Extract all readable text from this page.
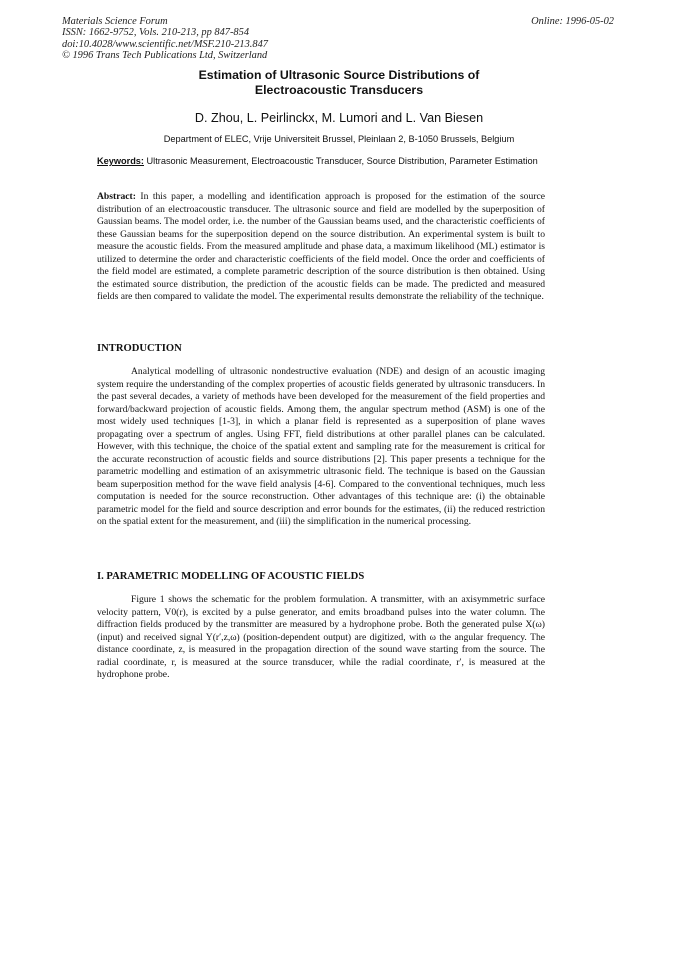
Materials Science Forum
ISSN: 1662-9752, Vols. 210-213, pp 847-854
doi:10.4028/www.scientific.net/MSF.210-213.847
© 1996 Trans Tech Publications Ltd, Switzerland
Online: 1996-05-02
Estimation of Ultrasonic Source Distributions of
Electroacoustic Transducers
D. Zhou, L. Peirlinckx, M. Lumori and L. Van Biesen
Department of ELEC, Vrije Universiteit Brussel, Pleinlaan 2, B-1050 Brussels, Belgium
Keywords: Ultrasonic Measurement, Electroacoustic Transducer, Source Distribution, Parameter Estimation

Abstract: In this paper, a modelling and identification approach is proposed for the estimation of the source distribution of an electroacoustic transducer. The ultrasonic source and field are modelled by the superposition of Gaussian beams. The model order, i.e. the number of the Gaussian beams used, and the characteristic coefficients of these Gaussian beams for the superposition depend on the source distribution. An experimental system is built to measure the acoustic fields. From the measured amplitude and phase data, a maximum likelihood (ML) estimator is utilized to determine the order and characteristic coefficients of the field model. Once the order and coefficients of the field model are estimated, a complete parametric description of the source distribution is then obtained. Using the estimated source distribution, the prediction of the acoustic fields can be made. The predicted and measured fields are then compared to validate the model. The experimental results demonstrate the reliability of the technique.

INTRODUCTION

Analytical modelling of ultrasonic nondestructive evaluation (NDE) and design of an acoustic imaging system require the understanding of the complex properties of acoustic fields generated by ultrasonic transducers. In the past several decades, a variety of methods have been developed for the measurement of the field properties and forward/backward projection of acoustic fields. Among them, the angular spectrum method (ASM) is one of the most widely used techniques [1-3], in which a planar field is represented as a superposition of plane waves propagating over a spectrum of angles. Using FFT, field distributions at other parallel planes can be calculated. However, with this technique, the choice of the spatial extent and sampling rate for the measurement is critical for the accurate reconstruction of acoustic fields and source distributions [2]. This paper presents a technique for the parametric modelling and estimation of an axisymmetric ultrasonic field. The technique is based on the Gaussian beam superposition method for the wave field analysis [4-6]. Compared to the conventional techniques, much less computation is needed for the source reconstruction. Other advantages of this technique are: (i) the obtainable parametric model for the field and source description and error bounds for the estimates, (ii) the reduced restriction on the spatial extent for the measurement, and (iii) the simplification in the numerical processing.

I. PARAMETRIC MODELLING OF ACOUSTIC FIELDS

Figure 1 shows the schematic for the problem formulation. A transmitter, with an axisymmetric surface velocity pattern, V0(r), is excited by a pulse generator, and emits broadband pulses into the water column. The diffraction fields produced by the transmitter are measured by a hydrophone probe. Both the generated pulse X(ω) (input) and received signal Y(r′,z,ω) (position-dependent output) are digitized, with ω the angular frequency. The distance coordinate, z, is measured in the propagation direction of the sound wave starting from the source. The radial coordinate, r, is measured at the source transducer, while the radial coordinate, r′, is measured at the hydrophone probe.
